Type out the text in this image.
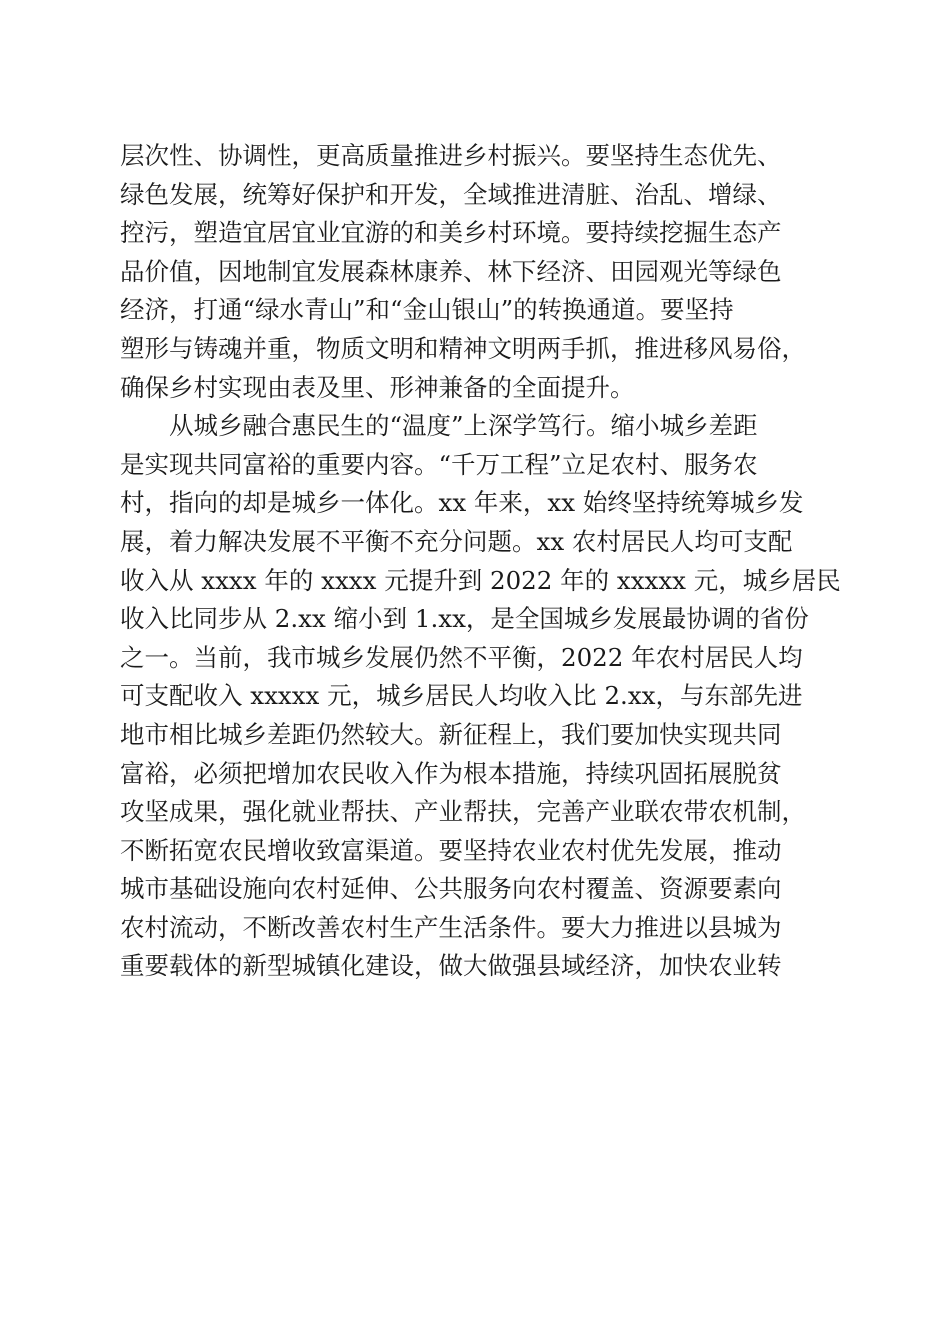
层次性、协调性，更高质量推进乡村振兴。要坚持生态优先、
绿色发展，统筹好保护和开发，全域推进清脏、治乱、增绿、
控污，塑造宜居宜业宜游的和美乡村环境。要持续挖掘生态产
品价值，因地制宜发展森林康养、林下经济、田园观光等绿色
经济，打通“绿水青山”和“金山银山”的转换通道。要坚持
塑形与铸魂并重，物质文明和精神文明两手抓，推进移风易俗，
确保乡村实现由表及里、形神兼备的全面提升。
　　从城乡融合惠民生的“温度”上深学笃行。缩小城乡差距
是实现共同富裕的重要内容。“千万工程”立足农村、服务农
村，指向的却是城乡一体化。xx 年来，xx 始终坚持统筹城乡发
展，着力解决发展不平衡不充分问题。xx 农村居民人均可支配
收入从 xxxx 年的 xxxx 元提升到 2022 年的 xxxxx 元，城乡居民
收入比同步从 2.xx 缩小到 1.xx，是全国城乡发展最协调的省份
之一。当前，我市城乡发展仍然不平衡，2022 年农村居民人均
可支配收入 xxxxx 元，城乡居民人均收入比 2.xx，与东部先进
地市相比城乡差距仍然较大。新征程上，我们要加快实现共同
富裕，必须把增加农民收入作为根本措施，持续巩固拓展脱贫
攻坚成果，强化就业帮扶、产业帮扶，完善产业联农带农机制，
不断拓宽农民增收致富渠道。要坚持农业农村优先发展，推动
城市基础设施向农村延伸、公共服务向农村覆盖、资源要素向
农村流动，不断改善农村生产生活条件。要大力推进以县城为
重要载体的新型城镇化建设，做大做强县域经济，加快农业转
